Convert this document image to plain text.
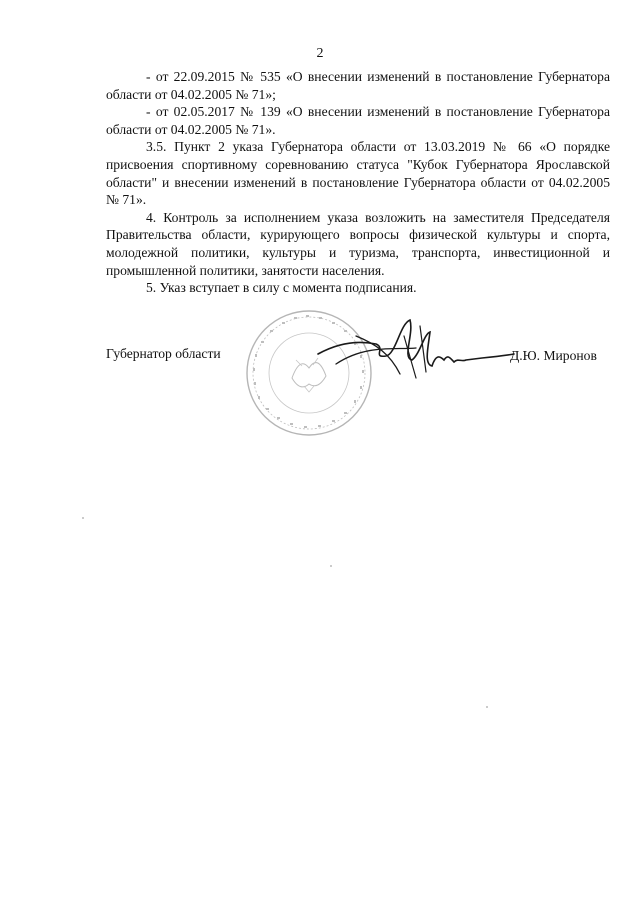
2

- от 22.09.2015 № 535 «О внесении изменений в постановление Губернатора области от 04.02.2005 № 71»;

- от 02.05.2017 № 139 «О внесении изменений в постановление Губернатора области от 04.02.2005 № 71».

3.5. Пункт 2 указа Губернатора области от 13.03.2019 № 66 «О порядке присвоения спортивному соревнованию статуса "Кубок Губернатора Ярославской области" и внесении изменений в постановление Губернатора области от 04.02.2005 № 71».

4. Контроль за исполнением указа возложить на заместителя Председателя Правительства области, курирующего вопросы физической культуры и спорта, молодежной политики, культуры и туризма, транспорта, инвестиционной и промышленной политики, занятости населения.

5. Указ вступает в силу с момента подписания.

Губернатор области	Д.Ю. Миронов
